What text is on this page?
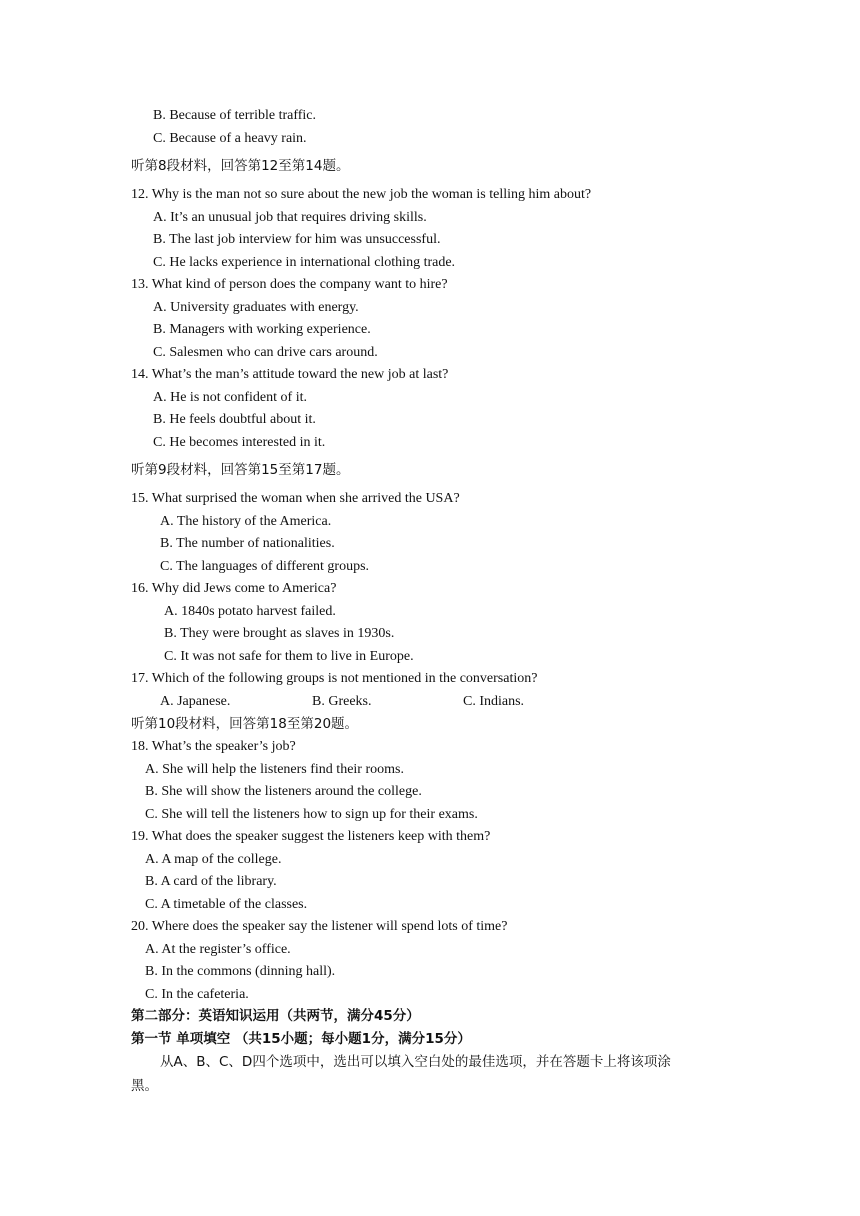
B. Because of terrible traffic.
C. Because of a heavy rain.
听第8段材料，回答第12至第14题。
12. Why is the man not so sure about the new job the woman is telling him about?
A. It’s an unusual job that requires driving skills.
B. The last job interview for him was unsuccessful.
C. He lacks experience in international clothing trade.
13. What kind of person does the company want to hire?
A. University graduates with energy.
B. Managers with working experience.
C. Salesmen who can drive cars around.
14. What’s the man’s attitude toward the new job at last?
A. He is not confident of it.
B. He feels doubtful about it.
C. He becomes interested in it.
听第9段材料，回答第15至第17题。
15. What surprised the woman when she arrived the USA?
A. The history of the America.
B. The number of nationalities.
C. The languages of different groups.
16. Why did Jews come to America?
A. 1840s potato harvest failed.
B. They were brought as slaves in 1930s.
C. It was not safe for them to live in Europe.
17. Which of the following groups is not mentioned in the conversation?
A. Japanese.	B. Greeks.	C. Indians.
听第10段材料，回答第18至第20题。
18. What’s the speaker’s job?
A. She will help the listeners find their rooms.
B. She will show the listeners around the college.
C. She will tell the listeners how to sign up for their exams.
19. What does the speaker suggest the listeners keep with them?
A. A map of the college.
B. A card of the library.
C. A timetable of the classes.
20. Where does the speaker say the listener will spend lots of time?
A. At the register’s office.
B. In the commons (dinning hall).
C. In the cafeteria.
第二部分：英语知识运用（共两节，满分45分）
第一节 单项填空 （共15小题；每小题1分，满分15分）
从A、B、C、D四个选项中，选出可以填入空白处的最佳选项，并在答题卡上将该项涂
黑。
